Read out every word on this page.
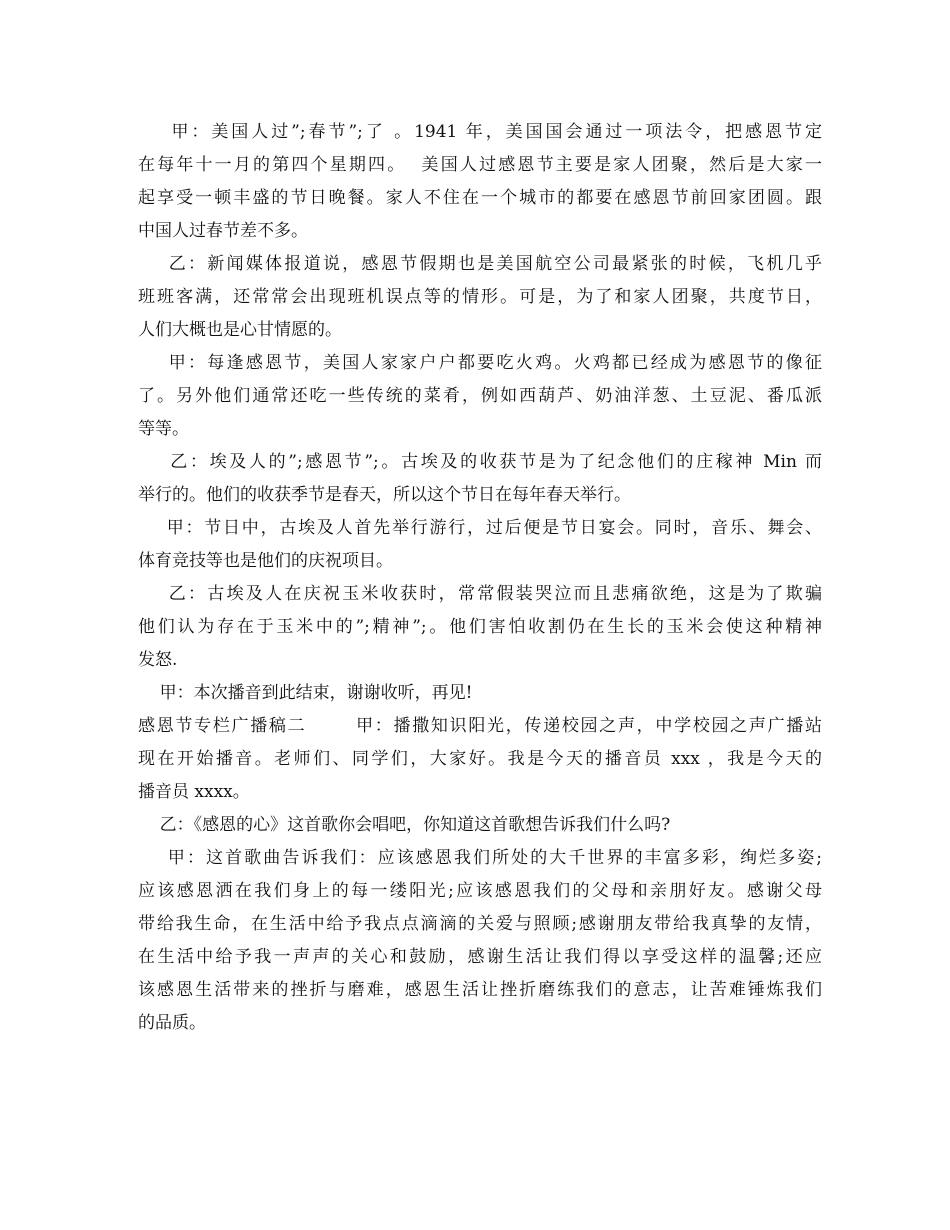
甲：美国人过”;春节”;了 。1941 年，美国国会通过一项法令，把感恩节定
在每年十一月的第四个星期四。  美国人过感恩节主要是家人团聚，然后是大家一
起享受一顿丰盛的节日晚餐。家人不住在一个城市的都要在感恩节前回家团圆。跟
中国人过春节差不多。
乙：新闻媒体报道说，感恩节假期也是美国航空公司最紧张的时候，飞机几乎
班班客满，还常常会出现班机误点等的情形。可是，为了和家人团聚，共度节日，
人们大概也是心甘情愿的。
甲：每逢感恩节，美国人家家户户都要吃火鸡。火鸡都已经成为感恩节的像征
了。另外他们通常还吃一些传统的菜肴，例如西葫芦、奶油洋葱、土豆泥、番瓜派
等等。
乙：埃及人的”;感恩节”;。古埃及的收获节是为了纪念他们的庄稼神 Min 而
举行的。他们的收获季节是春天，所以这个节日在每年春天举行。
甲：节日中，古埃及人首先举行游行，过后便是节日宴会。同时，音乐、舞会、
体育竞技等也是他们的庆祝项目。
乙：古埃及人在庆祝玉米收获时，常常假装哭泣而且悲痛欲绝，这是为了欺骗
他们认为存在于玉米中的”;精神”;。他们害怕收割仍在生长的玉米会使这种精神
发怒.
甲：本次播音到此结束，谢谢收听，再见!
感恩节专栏广播稿二       甲：播撒知识阳光，传递校园之声，中学校园之声广播站
现在开始播音。老师们、同学们，大家好。我是今天的播音员 xxx ，我是今天的
播音员 xxxx。
乙：《感恩的心》这首歌你会唱吧，你知道这首歌想告诉我们什么吗?
甲：这首歌曲告诉我们：应该感恩我们所处的大千世界的丰富多彩，绚烂多姿;
应该感恩洒在我们身上的每一缕阳光;应该感恩我们的父母和亲朋好友。感谢父母
带给我生命，在生活中给予我点点滴滴的关爱与照顾;感谢朋友带给我真挚的友情，
在生活中给予我一声声的关心和鼓励，感谢生活让我们得以享受这样的温馨;还应
该感恩生活带来的挫折与磨难，感恩生活让挫折磨练我们的意志，让苦难锤炼我们
的品质。
